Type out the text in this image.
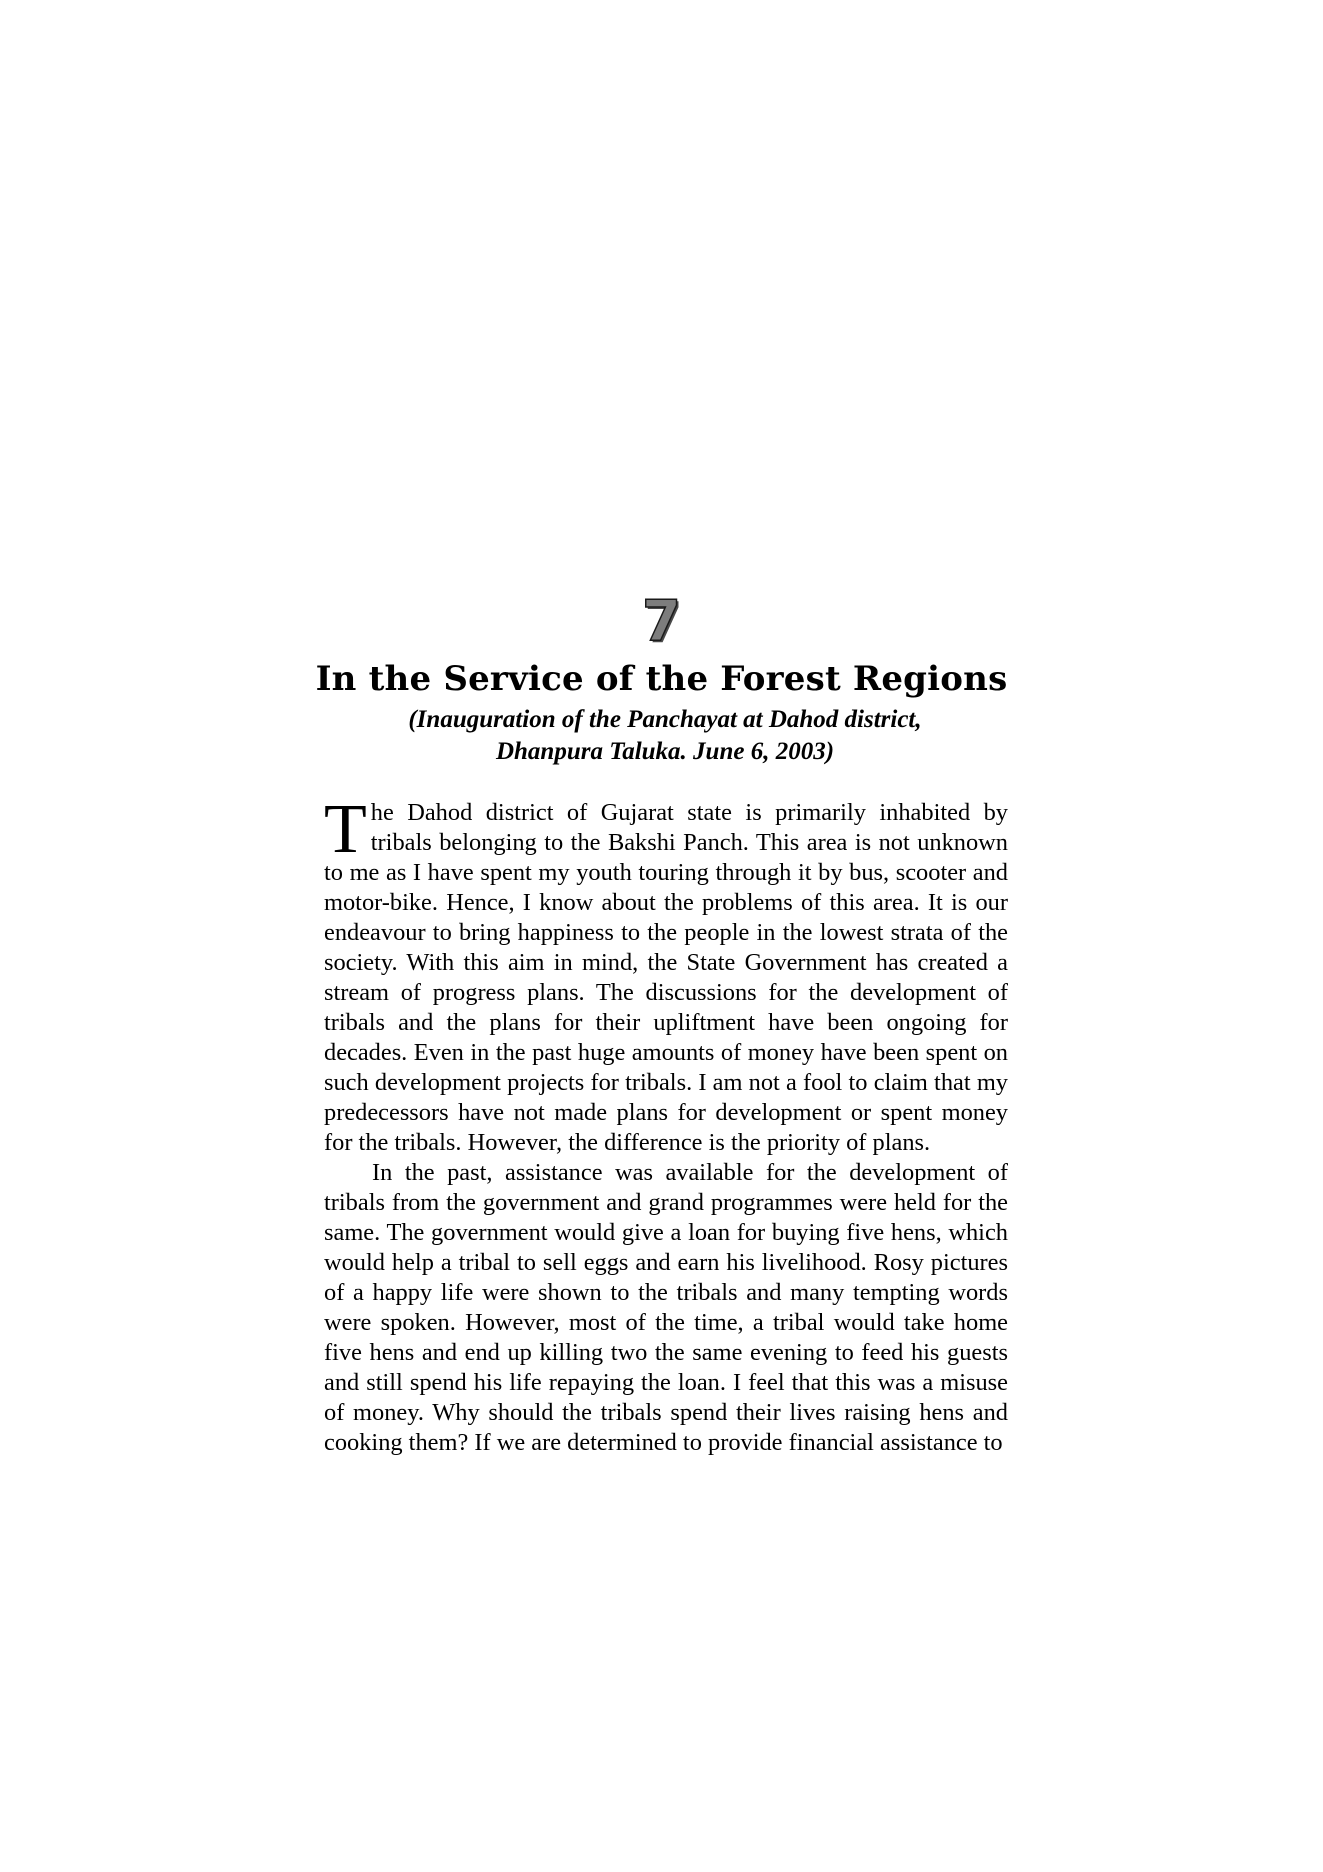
7
In the Service of the Forest Regions
(Inauguration of the Panchayat at Dahod district,
Dhanpura Taluka. June 6, 2003)

The Dahod district of Gujarat state is primarily inhabited by tribals belonging to the Bakshi Panch. This area is not unknown to me as I have spent my youth touring through it by bus, scooter and motor-bike. Hence, I know about the problems of this area. It is our endeavour to bring happiness to the people in the lowest strata of the society. With this aim in mind, the State Government has created a stream of progress plans. The discussions for the development of tribals and the plans for their upliftment have been ongoing for decades. Even in the past huge amounts of money have been spent on such development projects for tribals. I am not a fool to claim that my predecessors have not made plans for development or spent money for the tribals. However, the difference is the priority of plans.

In the past, assistance was available for the development of tribals from the government and grand programmes were held for the same. The government would give a loan for buying five hens, which would help a tribal to sell eggs and earn his livelihood. Rosy pictures of a happy life were shown to the tribals and many tempting words were spoken. However, most of the time, a tribal would take home five hens and end up killing two the same evening to feed his guests and still spend his life repaying the loan. I feel that this was a misuse of money. Why should the tribals spend their lives raising hens and cooking them? If we are determined to provide financial assistance to
